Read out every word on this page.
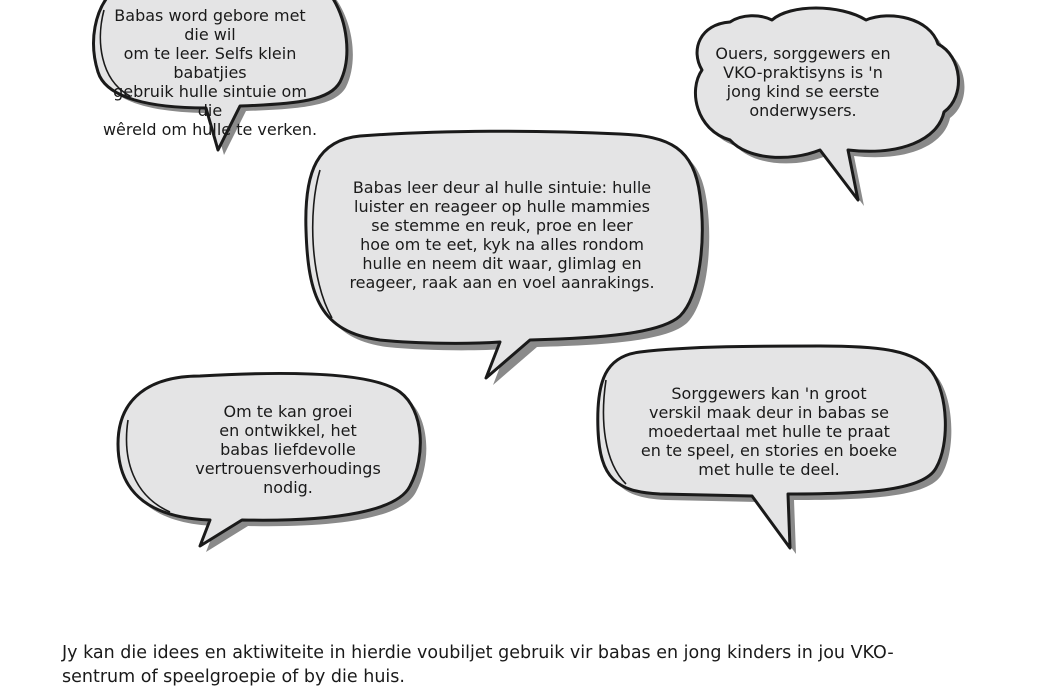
Babas word gebore met die wil
om te leer. Selfs klein babatjies
gebruik hulle sintuie om die
wêreld om hulle te verken.
Ouers, sorggewers en
VKO-praktisyns is 'n
jong kind se eerste
onderwysers.
Babas leer deur al hulle sintuie: hulle
luister en reageer op hulle mammies
se stemme en reuk, proe en leer
hoe om te eet, kyk na alles rondom
hulle en neem dit waar, glimlag en
reageer, raak aan en voel aanrakings.
Om te kan groei
en ontwikkel, het
babas liefdevolle
vertrouensverhoudings
nodig.
Sorggewers kan 'n groot
verskil maak deur in babas se
moedertaal met hulle te praat
en te speel, en stories en boeke
met hulle te deel.
Jy kan die idees en aktiwiteite in hierdie voubiljet gebruik vir babas en jong kinders in jou VKO-
sentrum of speelgroepie of by die huis.
